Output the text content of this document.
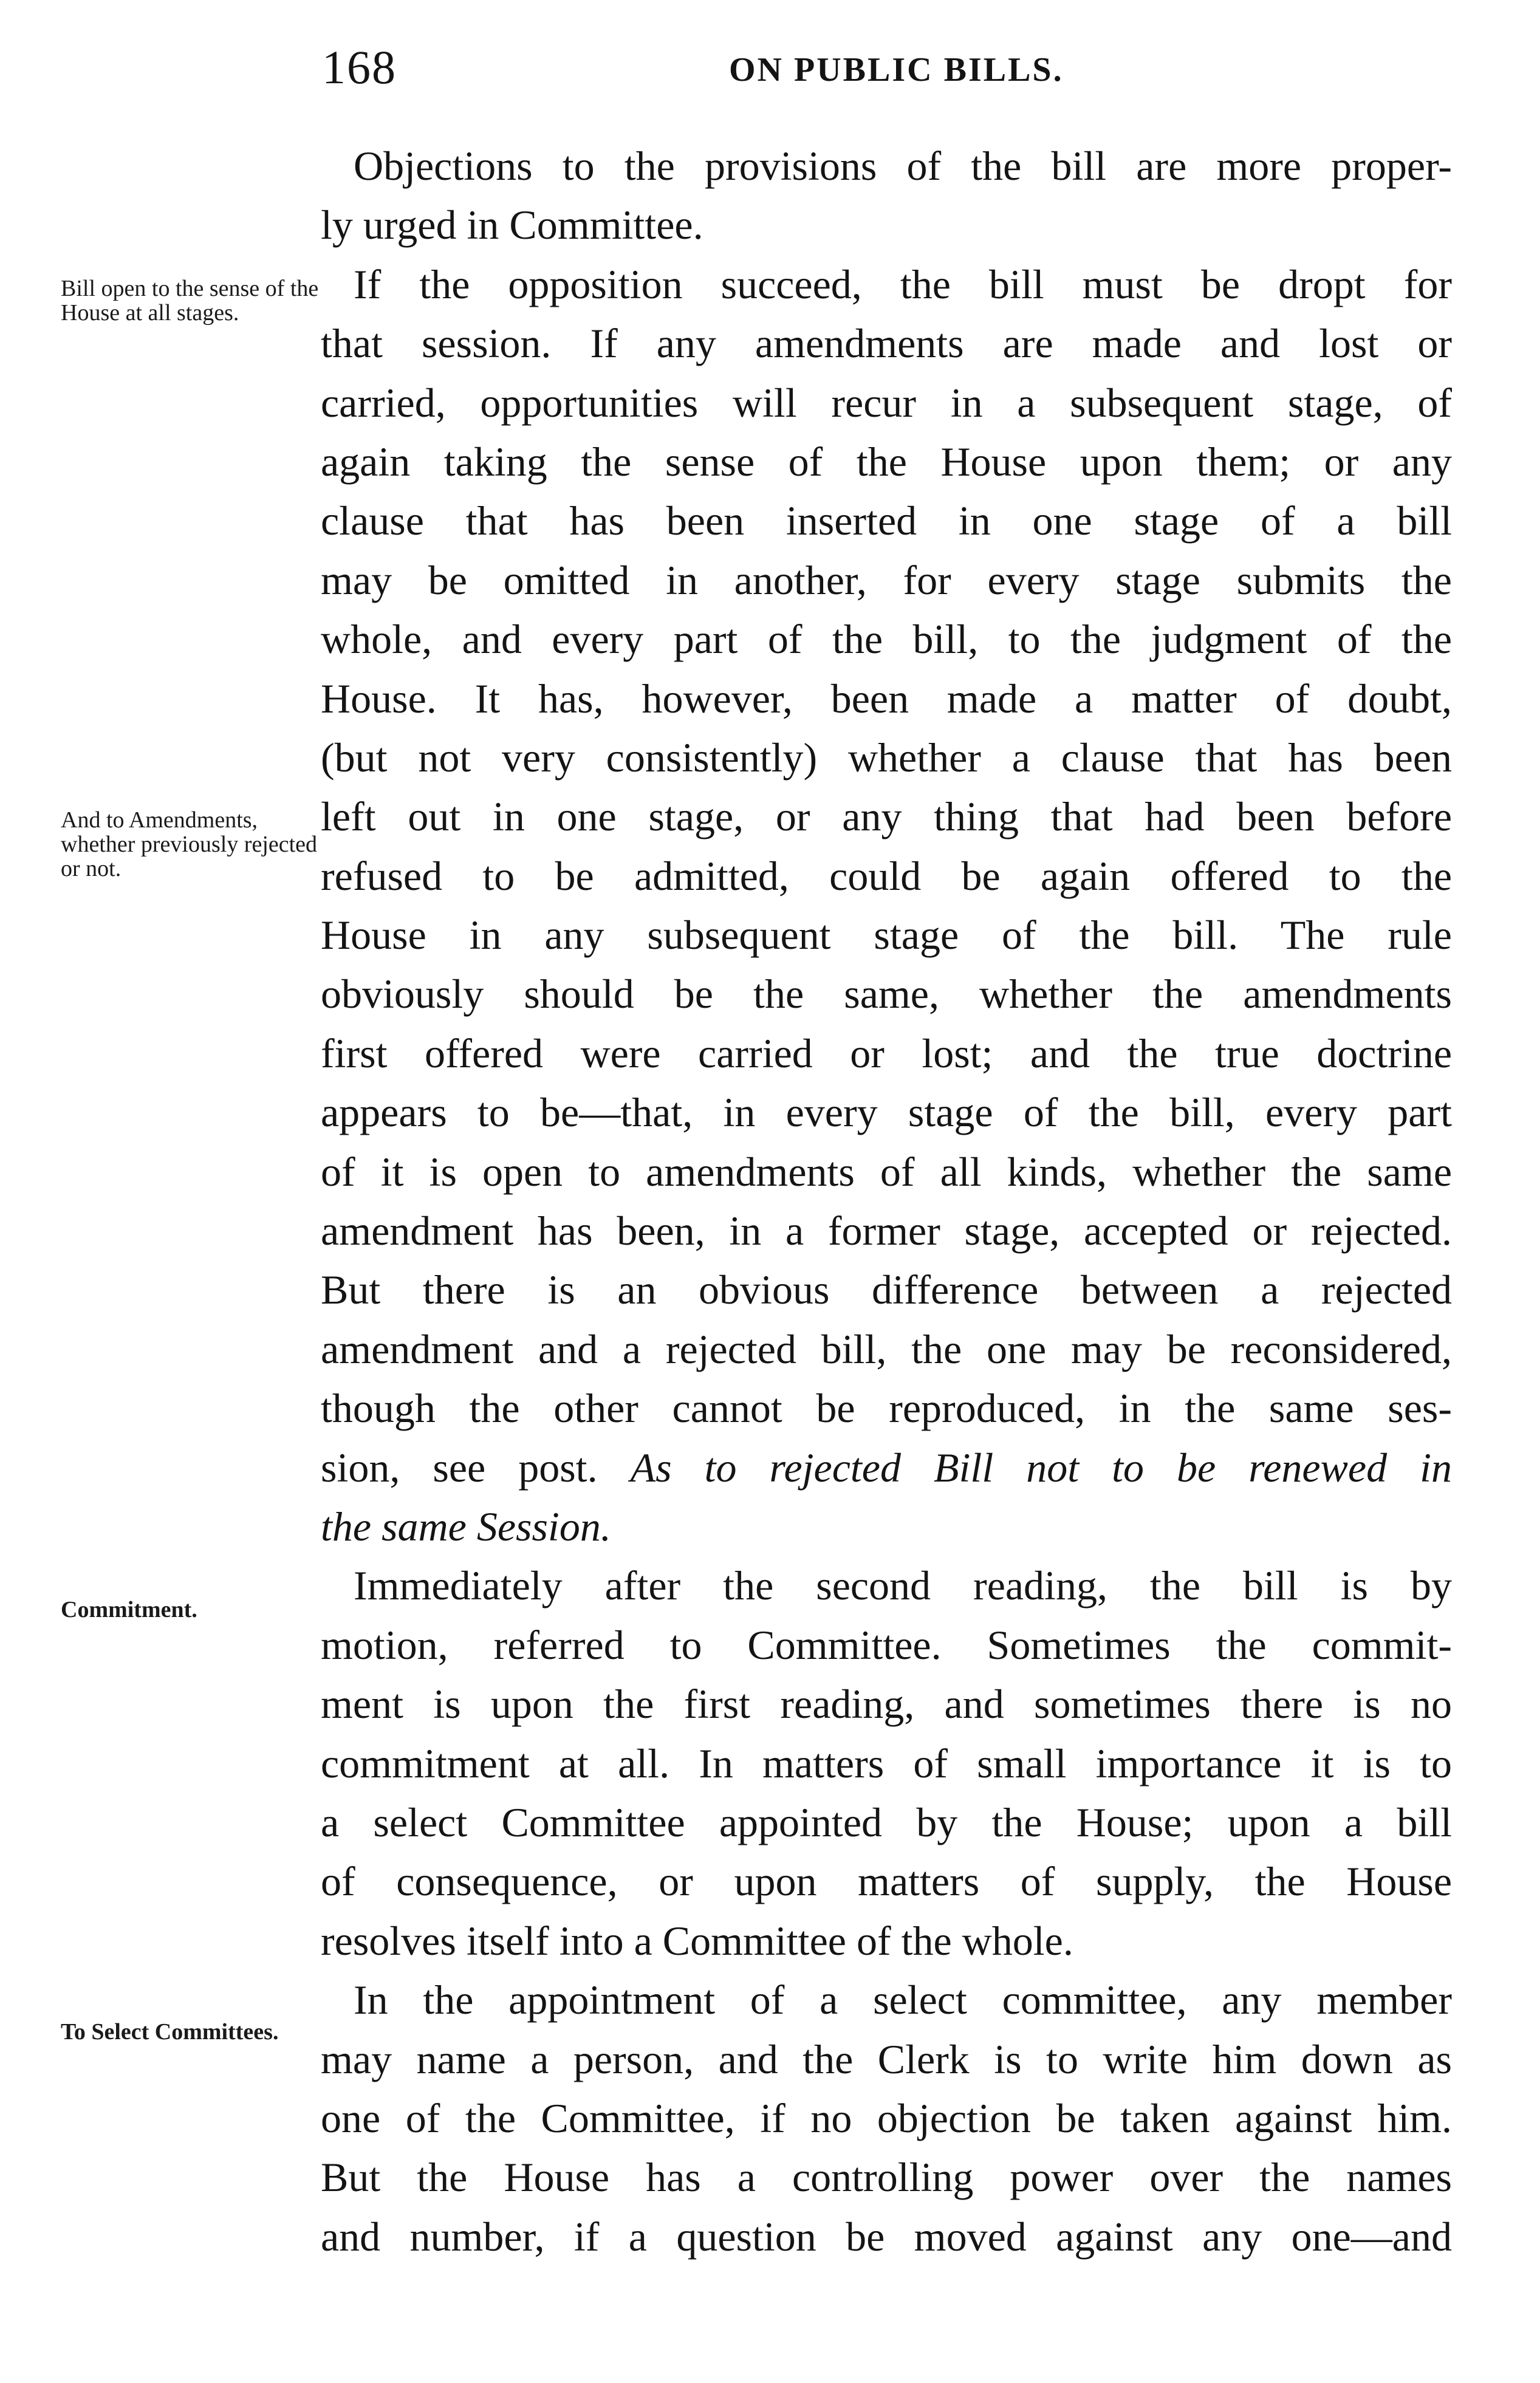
168	ON PUBLIC BILLS.
Bill open to the sense of the House at all stages.
And to Amendments, whether previously rejected or not.
Commitment.
To Select Committees.
Objections to the provisions of the bill are more proper-
ly urged in Committee.
If the opposition succeed, the bill must be dropt for
that session. If any amendments are made and lost or
carried, opportunities will recur in a subsequent stage, of
again taking the sense of the House upon them; or any
clause that has been inserted in one stage of a bill
may be omitted in another, for every stage submits the
whole, and every part of the bill, to the judgment of the
House. It has, however, been made a matter of doubt,
(but not very consistently) whether a clause that has been
left out in one stage, or any thing that had been before
refused to be admitted, could be again offered to the
House in any subsequent stage of the bill. The rule
obviously should be the same, whether the amendments
first offered were carried or lost; and the true doctrine
appears to be—that, in every stage of the bill, every part
of it is open to amendments of all kinds, whether the same
amendment has been, in a former stage, accepted or rejected.
But there is an obvious difference between a rejected
amendment and a rejected bill, the one may be reconsidered,
though the other cannot be reproduced, in the same ses-
sion, see post. As to rejected Bill not to be renewed in
the same Session.
Immediately after the second reading, the bill is by
motion, referred to Committee. Sometimes the commit-
ment is upon the first reading, and sometimes there is no
commitment at all. In matters of small importance it is to
a select Committee appointed by the House; upon a bill
of consequence, or upon matters of supply, the House
resolves itself into a Committee of the whole.
In the appointment of a select committee, any member
may name a person, and the Clerk is to write him down as
one of the Committee, if no objection be taken against him.
But the House has a controlling power over the names
and number, if a question be moved against any one—and
